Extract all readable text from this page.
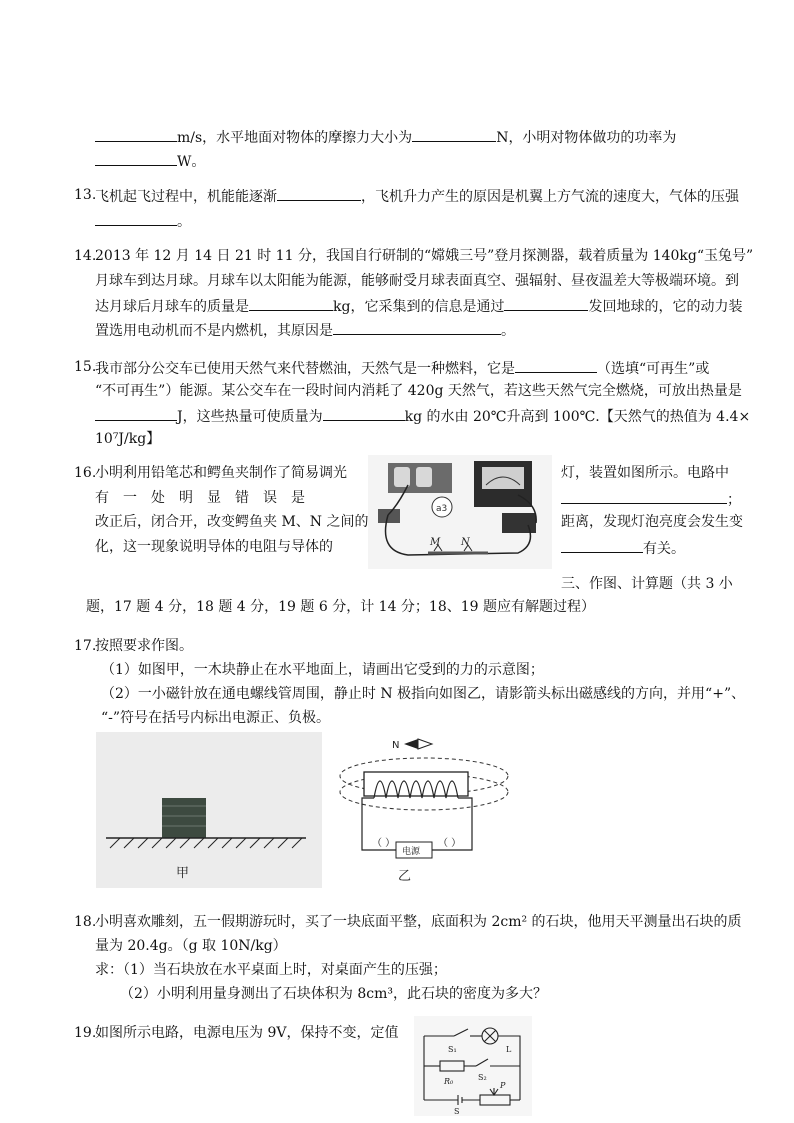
m/s，水平地面对物体的摩擦力大小为	N，小明对物体做功的功率为
W。
13.
飞机起飞过程中，机能能逐渐	，飞机升力产生的原因是机翼上方气流的速度大，气体的压强
。
14.
2013 年 12 月 14 日 21 时 11 分，我国自行研制的“嫦娥三号”登月探测器，载着质量为 140kg“玉兔号”
月球车到达月球。月球车以太阳能为能源，能够耐受月球表面真空、强辐射、昼夜温差大等极端环境。到
达月球后月球车的质量是	kg，它采集到的信息是通过	发回地球的，它的动力装
置选用电动机而不是内燃机，其原因是	。
15.
我市部分公交车已使用天然气来代替燃油，天然气是一种燃料，它是	（选填“可再生”或
“不可再生”）能源。某公交车在一段时间内消耗了 420g 天然气，若这些天然气完全燃烧，可放出热量是
J，这些热量可使质量为	kg 的水由 20℃升高到 100℃.【天然气的热值为 4.4×
10⁷J/kg】
16.
小明利用铅笔芯和鳄鱼夹制作了简易调光
有　一　处　明　显　错　误　是
改正后，闭合开，改变鳄鱼夹 M、N 之间的
化，这一现象说明导体的电阻与导体的
灯，装置如图所示。电路中
；
距离，发现灯泡亮度会发生变
有关。
a3
M N
三、作图、计算题（共 3 小
题，17 题 4 分，18 题 4 分，19 题 6 分，计 14 分；18、19 题应有解题过程）
17.
按照要求作图。
（1）如图甲，一木块静止在水平地面上，请画出它受到的力的示意图；
（2）一小磁针放在通电螺线管周围，静止时 N 极指向如图乙，请影箭头标出磁感线的方向，并用“+”、
“-”符号在括号内标出电源正、负极。
甲
N
电源
（ ）	（ ）
乙
18.
小明喜欢雕刻，五一假期游玩时，买了一块底面平整，底面积为 2cm² 的石块，他用天平测量出石块的质
量为 20.4g。（g 取 10N/kg）
求：（1）当石块放在水平桌面上时，对桌面产生的压强；
（2）小明利用量身测出了石块体积为 8cm³，此石块的密度为多大？
19.
如图所示电路，电源电压为 9V，保持不变，定值
S₁	L
R₀	S₂
P
S
